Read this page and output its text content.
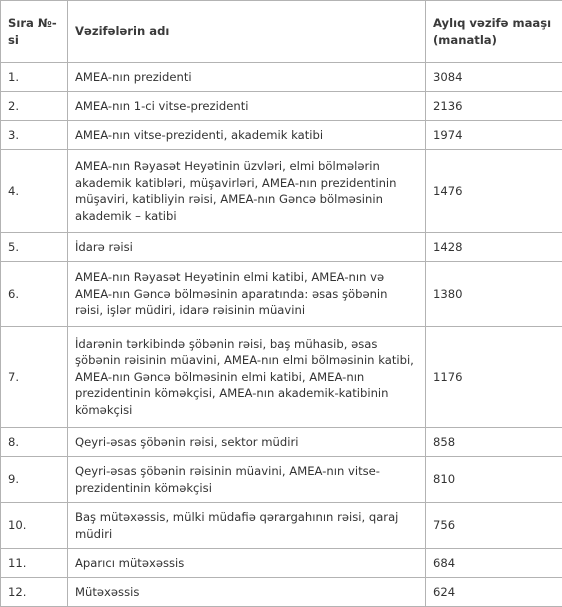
Sıra №-si	Vəzifələrin adı	Aylıq vəzifə maaşı (manatla)
1.	AMEA-nın prezidenti	3084
2.	AMEA-nın 1-ci vitse-prezidenti	2136
3.	AMEA-nın vitse-prezidenti, akademik katibi	1974
4.	AMEA-nın Rəyasət Heyətinin üzvləri, elmi bölmələrin akademik katibləri, müşavirləri, AMEA-nın prezidentinin müşaviri, katibliyin rəisi, AMEA-nın Gəncə bölməsinin akademik – katibi	1476
5.	İdarə rəisi	1428
6.	AMEA-nın Rəyasət Heyətinin elmi katibi, AMEA-nın və AMEA-nın Gəncə bölməsinin aparatında: əsas şöbənin rəisi, işlər müdiri, idarə rəisinin müavini	1380
7.	İdarənin tərkibində şöbənin rəisi, baş mühasib, əsas şöbənin rəisinin müavini, AMEA-nın elmi bölməsinin katibi, AMEA-nın Gəncə bölməsinin elmi katibi, AMEA-nın prezidentinin köməkçisi, AMEA-nın akademik-katibinin köməkçisi	1176
8.	Qeyri-əsas şöbənin rəisi, sektor müdiri	858
9.	Qeyri-əsas şöbənin rəisinin müavini, AMEA-nın vitse-prezidentinin köməkçisi	810
10.	Baş mütəxəssis, mülki müdafiə qərargahının rəisi, qaraj müdiri	756
11.	Aparıcı mütəxəssis	684
12.	Mütəxəssis	624
